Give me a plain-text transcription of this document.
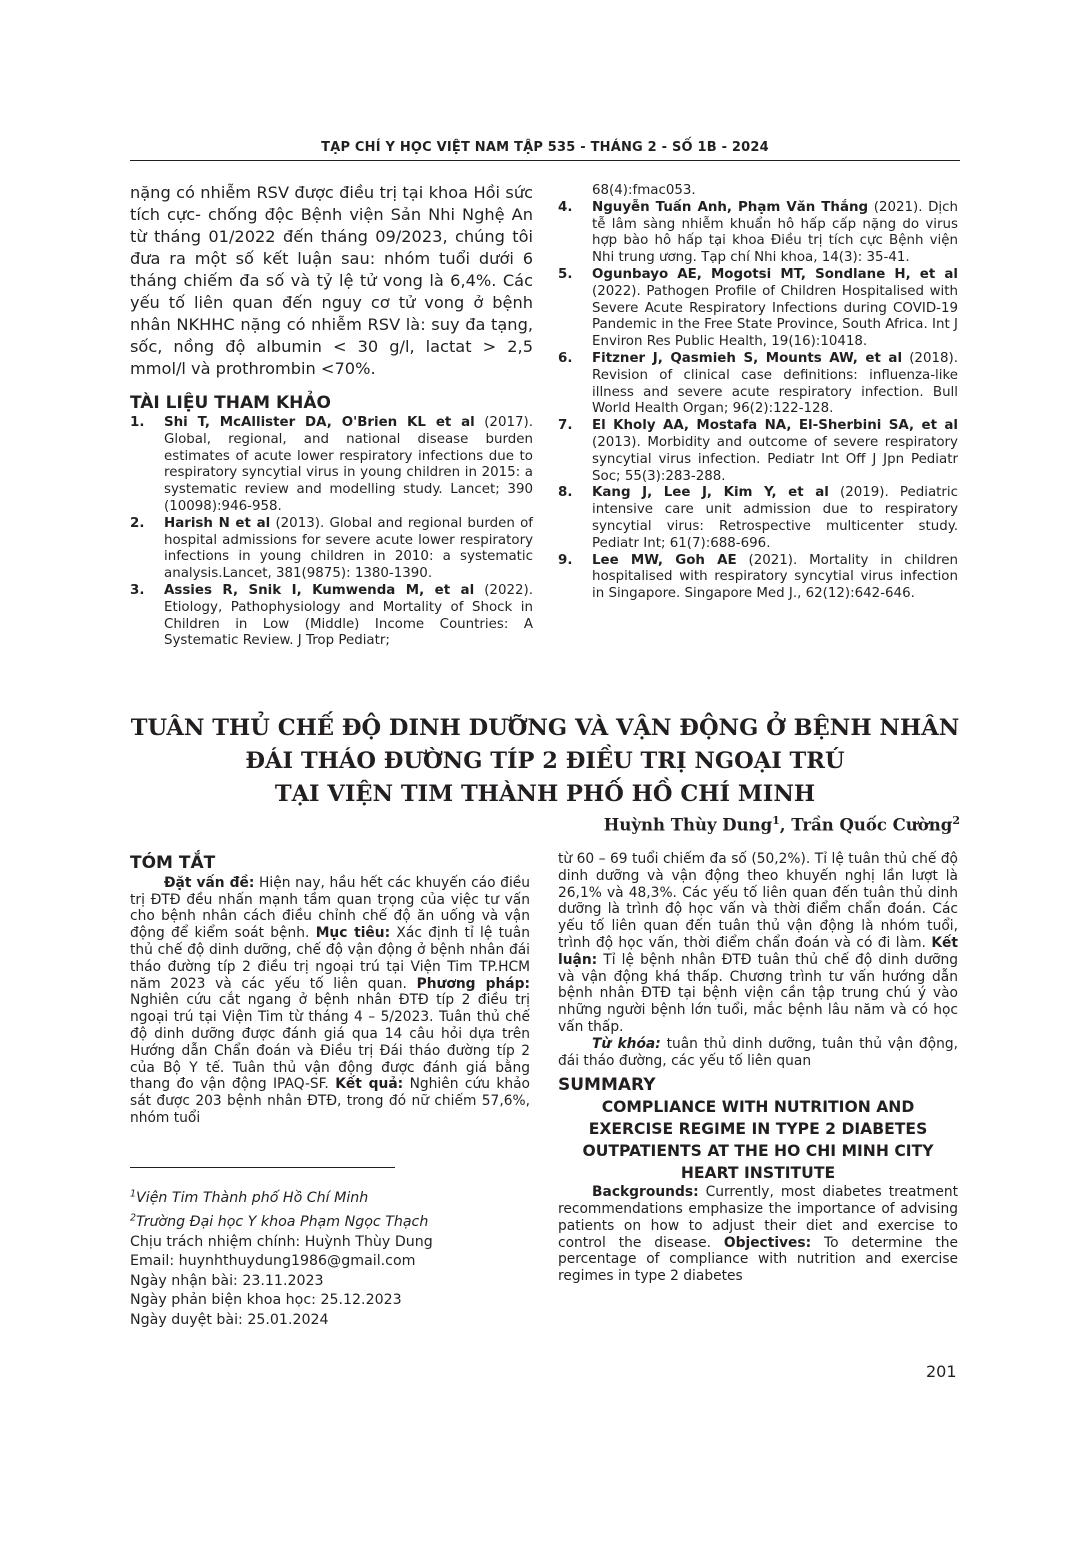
TẠP CHÍ Y HỌC VIỆT NAM TẬP 535 - THÁNG 2 - SỐ 1B - 2024
nặng có nhiễm RSV được điều trị tại khoa Hồi sức tích cực- chống độc Bệnh viện Sản Nhi Nghệ An từ tháng 01/2022 đến tháng 09/2023, chúng tôi đưa ra một số kết luận sau: nhóm tuổi dưới 6 tháng chiếm đa số và tỷ lệ tử vong là 6,4%. Các yếu tố liên quan đến nguy cơ tử vong ở bệnh nhân NKHHC nặng có nhiễm RSV là: suy đa tạng, sốc, nồng độ albumin < 30 g/l, lactat > 2,5 mmol/l và prothrombin <70%.
TÀI LIỆU THAM KHẢO
1.	Shi T, McAllister DA, O'Brien KL et al (2017). Global, regional, and national disease burden estimates of acute lower respiratory infections due to respiratory syncytial virus in young children in 2015: a systematic review and modelling study. Lancet; 390 (10098):946-958.
2.	Harish N et al (2013). Global and regional burden of hospital admissions for severe acute lower respiratory infections in young children in 2010: a systematic analysis.Lancet, 381(9875): 1380-1390.
3.	Assies R, Snik I, Kumwenda M, et al (2022). Etiology, Pathophysiology and Mortality of Shock in Children in Low (Middle) Income Countries: A Systematic Review. J Trop Pediatr;
68(4):fmac053.
4.	Nguyễn Tuấn Anh, Phạm Văn Thắng (2021). Dịch tễ lâm sàng nhiễm khuẩn hô hấp cấp nặng do virus hợp bào hô hấp tại khoa Điều trị tích cực Bệnh viện Nhi trung ương. Tạp chí Nhi khoa, 14(3): 35-41.
5.	Ogunbayo AE, Mogotsi MT, Sondlane H, et al (2022). Pathogen Profile of Children Hospitalised with Severe Acute Respiratory Infections during COVID-19 Pandemic in the Free State Province, South Africa. Int J Environ Res Public Health, 19(16):10418.
6.	Fitzner J, Qasmieh S, Mounts AW, et al (2018). Revision of clinical case definitions: influenza-like illness and severe acute respiratory infection. Bull World Health Organ; 96(2):122-128.
7.	El Kholy AA, Mostafa NA, El-Sherbini SA, et al (2013). Morbidity and outcome of severe respiratory syncytial virus infection. Pediatr Int Off J Jpn Pediatr Soc; 55(3):283-288.
8.	Kang J, Lee J, Kim Y, et al (2019). Pediatric intensive care unit admission due to respiratory syncytial virus: Retrospective multicenter study. Pediatr Int; 61(7):688-696.
9.	Lee MW, Goh AE (2021). Mortality in children hospitalised with respiratory syncytial virus infection in Singapore. Singapore Med J., 62(12):642-646.
TUÂN THỦ CHẾ ĐỘ DINH DƯỠNG VÀ VẬN ĐỘNG Ở BỆNH NHÂN
ĐÁI THÁO ĐƯỜNG TÍP 2 ĐIỀU TRỊ NGOẠI TRÚ
TẠI VIỆN TIM THÀNH PHỐ HỒ CHÍ MINH
Huỳnh Thùy Dung$^1$, Trần Quốc Cường$^2$
TÓM TẮT
Đặt vấn đề: Hiện nay, hầu hết các khuyến cáo điều trị ĐTĐ đều nhấn mạnh tầm quan trọng của việc tư vấn cho bệnh nhân cách điều chỉnh chế độ ăn uống và vận động để kiểm soát bệnh. Mục tiêu: Xác định tỉ lệ tuân thủ chế độ dinh dưỡng, chế độ vận động ở bệnh nhân đái tháo đường típ 2 điều trị ngoại trú tại Viện Tim TP.HCM năm 2023 và các yếu tố liên quan. Phương pháp: Nghiên cứu cắt ngang ở bệnh nhân ĐTĐ típ 2 điều trị ngoại trú tại Viện Tim từ tháng 4 – 5/2023. Tuân thủ chế độ dinh dưỡng được đánh giá qua 14 câu hỏi dựa trên Hướng dẫn Chẩn đoán và Điều trị Đái tháo đường típ 2 của Bộ Y tế. Tuân thủ vận động được đánh giá bằng thang đo vận động IPAQ-SF. Kết quả: Nghiên cứu khảo sát được 203 bệnh nhân ĐTĐ, trong đó nữ chiếm 57,6%, nhóm tuổi
từ 60 – 69 tuổi chiếm đa số (50,2%). Tỉ lệ tuân thủ chế độ dinh dưỡng và vận động theo khuyến nghị lần lượt là 26,1% và 48,3%. Các yếu tố liên quan đến tuân thủ dinh dưỡng là trình độ học vấn và thời điểm chẩn đoán. Các yếu tố liên quan đến tuân thủ vận động là nhóm tuổi, trình độ học vấn, thời điểm chẩn đoán và có đi làm. Kết luận: Tỉ lệ bệnh nhân ĐTĐ tuân thủ chế độ dinh dưỡng và vận động khá thấp. Chương trình tư vấn hướng dẫn bệnh nhân ĐTĐ tại bệnh viện cần tập trung chú ý vào những người bệnh lớn tuổi, mắc bệnh lâu năm và có học vấn thấp.
Từ khóa: tuân thủ dinh dưỡng, tuân thủ vận động, đái tháo đường, các yếu tố liên quan
SUMMARY
COMPLIANCE WITH NUTRITION AND
EXERCISE REGIME IN TYPE 2 DIABETES
OUTPATIENTS AT THE HO CHI MINH CITY
HEART INSTITUTE
Backgrounds: Currently, most diabetes treatment recommendations emphasize the importance of advising patients on how to adjust their diet and exercise to control the disease. Objectives: To determine the percentage of compliance with nutrition and exercise regimes in type 2 diabetes
$^1$Viện Tim Thành phố Hồ Chí Minh
$^2$Trường Đại học Y khoa Phạm Ngọc Thạch
Chịu trách nhiệm chính: Huỳnh Thùy Dung
Email: huynhthuydung1986@gmail.com
Ngày nhận bài: 23.11.2023
Ngày phản biện khoa học: 25.12.2023
Ngày duyệt bài: 25.01.2024
201
